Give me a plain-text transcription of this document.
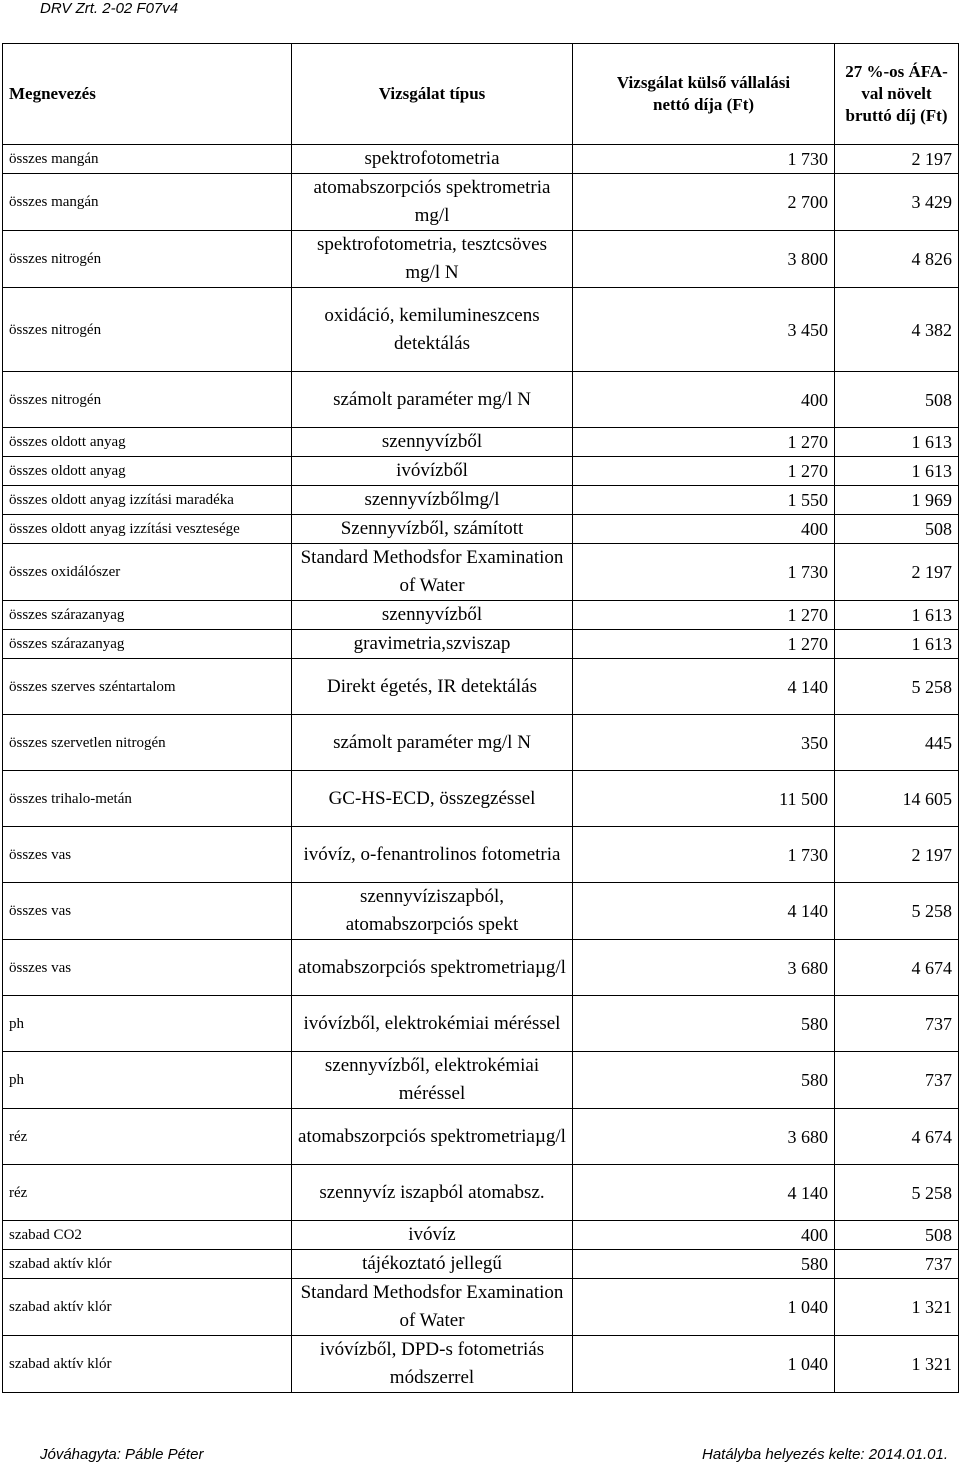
DRV Zrt. 2-02 F07v4
Megnevezés	Vizsgálat típus	Vizsgálat külső vállalási nettó díja (Ft)	27 %-os ÁFA-val növelt bruttó díj (Ft)
összes mangán	spektrofotometria	1 730	2 197
összes mangán	atomabszorpciós spektrometria mg/l	2 700	3 429
összes nitrogén	spektrofotometria, tesztcsöves mg/l N	3 800	4 826
összes nitrogén	oxidáció, kemilumineszcens detektálás	3 450	4 382
összes nitrogén	számolt paraméter mg/l N	400	508
összes oldott anyag	szennyvízből	1 270	1 613
összes oldott anyag	ivóvízből	1 270	1 613
összes oldott anyag izzítási maradéka	szennyvízbőlmg/l	1 550	1 969
összes oldott anyag izzítási vesztesége	Szennyvízből, számított	400	508
összes oxidálószer	Standard Methodsfor Examination of Water	1 730	2 197
összes szárazanyag	szennyvízből	1 270	1 613
összes szárazanyag	gravimetria,szviszap	1 270	1 613
összes szerves széntartalom	Direkt égetés, IR detektálás	4 140	5 258
összes szervetlen nitrogén	számolt paraméter mg/l N	350	445
összes trihalo-metán	GC-HS-ECD, összegzéssel	11 500	14 605
összes vas	ivóvíz, o-fenantrolinos fotometria	1 730	2 197
összes vas	szennyvíziszapból, atomabszorpciós spekt	4 140	5 258
összes vas	atomabszorpciós spektrometriaµg/l	3 680	4 674
ph	ivóvízből, elektrokémiai méréssel	580	737
ph	szennyvízből, elektrokémiai méréssel	580	737
réz	atomabszorpciós spektrometriaµg/l	3 680	4 674
réz	szennyvíz iszapból atomabsz.	4 140	5 258
szabad CO2	ivóvíz	400	508
szabad aktív klór	tájékoztató jellegű	580	737
szabad aktív klór	Standard Methodsfor Examination of Water	1 040	1 321
szabad aktív klór	ivóvízből, DPD-s fotometriás módszerrel	1 040	1 321
Jóváhagyta: Páble Péter	Hatályba helyezés kelte: 2014.01.01.
